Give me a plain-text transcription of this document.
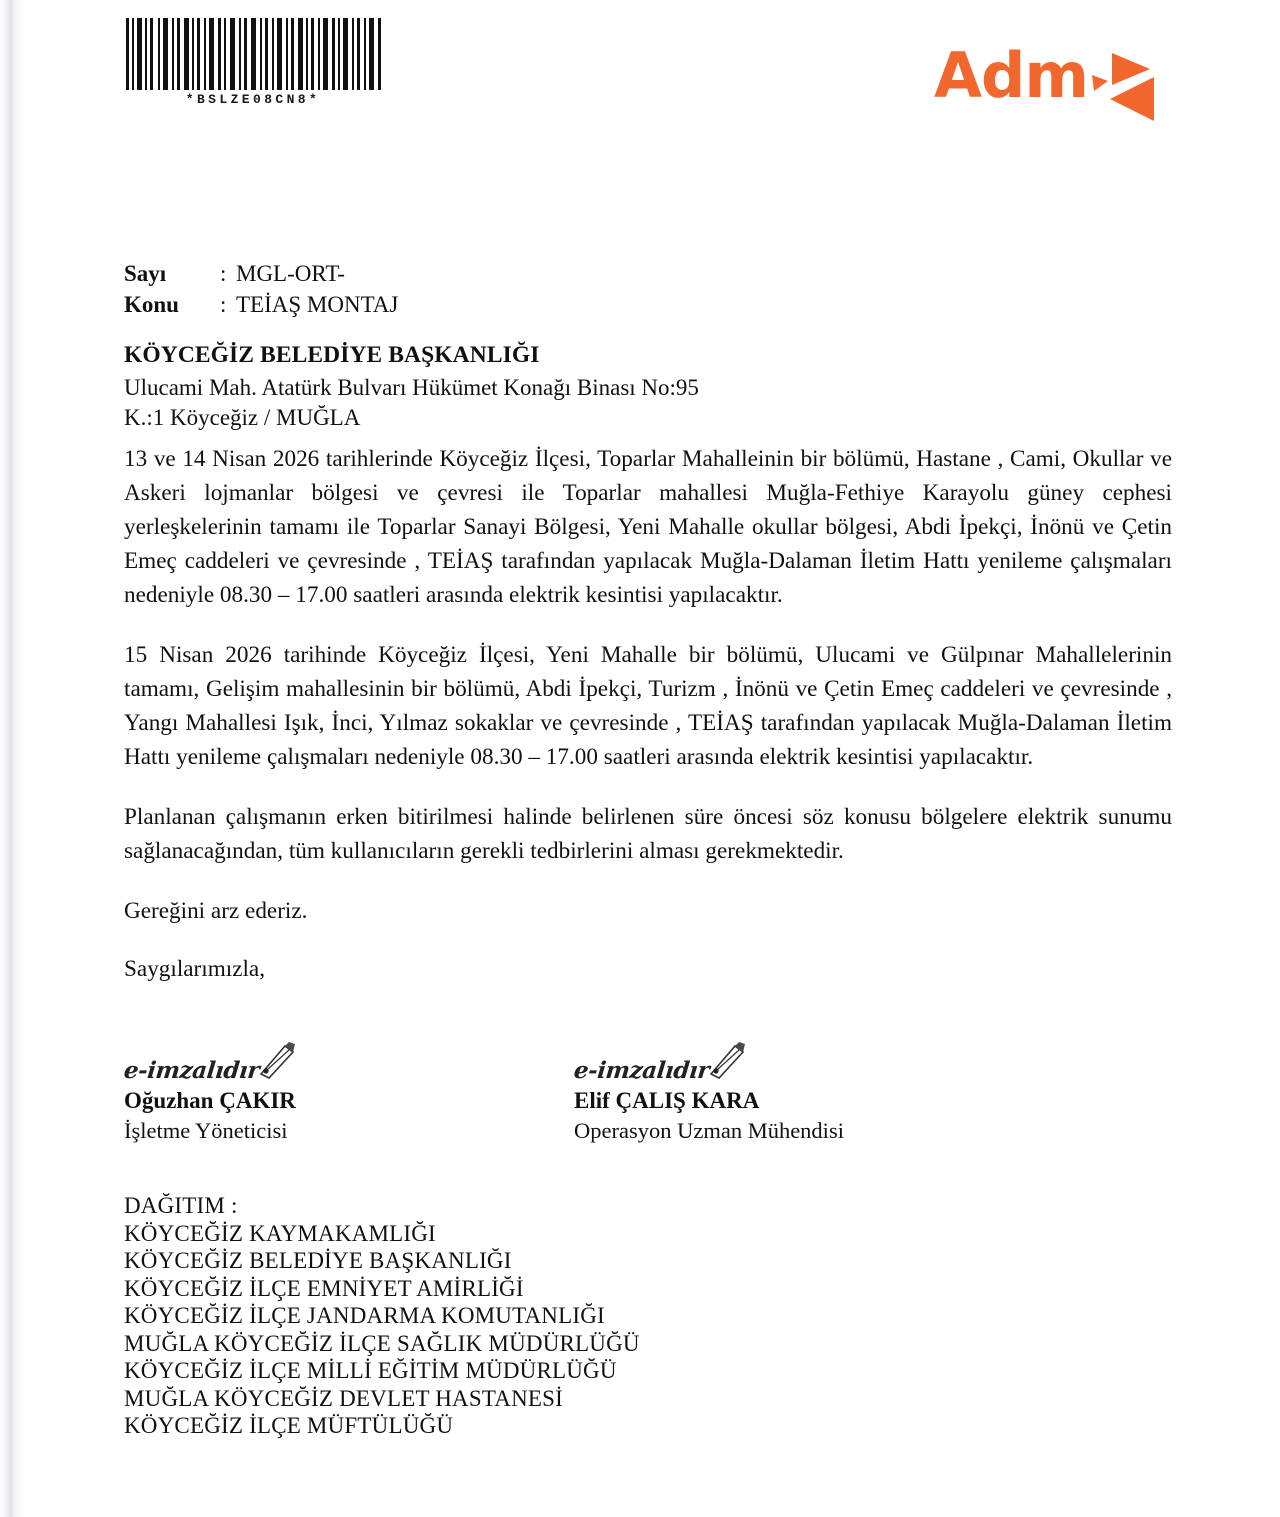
*BSLZE08CN8*	Adm
Sayı	: MGL-ORT-
Konu	: TEİAŞ MONTAJ
KÖYCEĞİZ BELEDİYE BAŞKANLIĞI
Ulucami Mah. Atatürk Bulvarı Hükümet Konağı Binası No:95
K.:1 Köyceğiz / MUĞLA

13 ve 14 Nisan 2026 tarihlerinde Köyceğiz İlçesi, Toparlar Mahalleinin bir bölümü, Hastane , Cami, Okullar ve Askeri lojmanlar bölgesi ve çevresi ile Toparlar mahallesi Muğla-Fethiye Karayolu güney cephesi yerleşkelerinin tamamı ile Toparlar Sanayi Bölgesi, Yeni Mahalle okullar bölgesi, Abdi İpekçi, İnönü ve Çetin Emeç caddeleri ve çevresinde , TEİAŞ tarafından yapılacak Muğla-Dalaman İletim Hattı yenileme çalışmaları nedeniyle 08.30 – 17.00 saatleri arasında elektrik kesintisi yapılacaktır.

15 Nisan 2026 tarihinde Köyceğiz İlçesi, Yeni Mahalle bir bölümü, Ulucami ve Gülpınar Mahallelerinin tamamı, Gelişim mahallesinin bir bölümü, Abdi İpekçi, Turizm , İnönü ve Çetin Emeç caddeleri ve çevresinde , Yangı Mahallesi Işık, İnci, Yılmaz sokaklar ve çevresinde , TEİAŞ tarafından yapılacak Muğla-Dalaman İletim Hattı yenileme çalışmaları nedeniyle 08.30 – 17.00 saatleri arasında elektrik kesintisi yapılacaktır.

Planlanan çalışmanın erken bitirilmesi halinde belirlenen süre öncesi söz konusu bölgelere elektrik sunumu sağlanacağından, tüm kullanıcıların gerekli tedbirlerini alması gerekmektedir.

Gereğini arz ederiz.

Saygılarımızla,

e-imzalıdır
Oğuzhan ÇAKIR
İşletme Yöneticisi
e-imzalıdır
Elif ÇALIŞ KARA
Operasyon Uzman Mühendisi
DAĞITIM :
KÖYCEĞİZ KAYMAKAMLIĞI
KÖYCEĞİZ BELEDİYE BAŞKANLIĞI
KÖYCEĞİZ İLÇE EMNİYET AMİRLİĞİ
KÖYCEĞİZ İLÇE JANDARMA KOMUTANLIĞI
MUĞLA KÖYCEĞİZ İLÇE SAĞLIK MÜDÜRLÜĞÜ
KÖYCEĞİZ İLÇE MİLLİ EĞİTİM MÜDÜRLÜĞÜ
MUĞLA KÖYCEĞİZ DEVLET HASTANESİ
KÖYCEĞİZ İLÇE MÜFTÜLÜĞÜ
